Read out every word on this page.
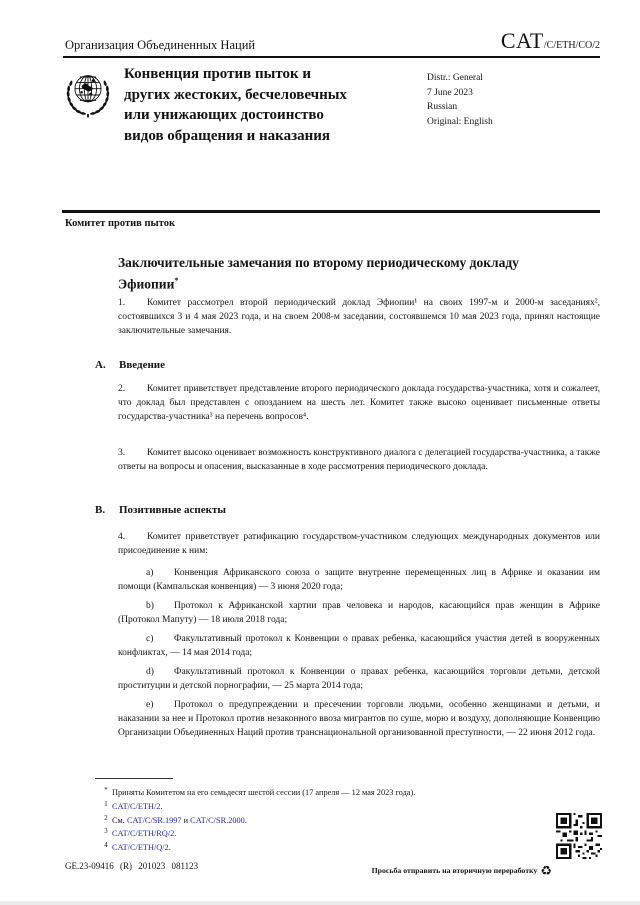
Организация Объединенных Наций	CAT/C/ETH/CO/2
Конвенция против пыток и
других жестоких, бесчеловечных
или унижающих достоинство
видов обращения и наказания
Distr.: General
7 June 2023
Russian
Original: English
Комитет против пыток
Заключительные замечания по второму периодическому докладу Эфиопии*
1. Комитет рассмотрел второй периодический доклад Эфиопии¹ на своих 1997-м и 2000-м заседаниях², состоявшихся 3 и 4 мая 2023 года, и на своем 2008-м заседании, состоявшемся 10 мая 2023 года, принял настоящие заключительные замечания.
A. Введение
2. Комитет приветствует представление второго периодического доклада государства-участника, хотя и сожалеет, что доклад был представлен с опозданием на шесть лет. Комитет также высоко оценивает письменные ответы государства-участника³ на перечень вопросов⁴.
3. Комитет высоко оценивает возможность конструктивного диалога с делегацией государства-участника, а также ответы на вопросы и опасения, высказанные в ходе рассмотрения периодического доклада.
B. Позитивные аспекты
4. Комитет приветствует ратификацию государством-участником следующих международных документов или присоединение к ним:
a) Конвенция Африканского союза о защите внутренне перемещенных лиц в Африке и оказании им помощи (Кампальская конвенция) — 3 июня 2020 года;
b) Протокол к Африканской хартии прав человека и народов, касающийся прав женщин в Африке (Протокол Мапуту) — 18 июля 2018 года;
c) Факультативный протокол к Конвенции о правах ребенка, касающийся участия детей в вооруженных конфликтах, — 14 мая 2014 года;
d) Факультативный протокол к Конвенции о правах ребенка, касающийся торговли детьми, детской проституции и детской порнографии, — 25 марта 2014 года;
e) Протокол о предупреждении и пресечении торговли людьми, особенно женщинами и детьми, и наказании за нее и Протокол против незаконного ввоза мигрантов по суше, морю и воздуху, дополняющие Конвенцию Организации Объединенных Наций против транснациональной организованной преступности, — 22 июня 2012 года.
* Приняты Комитетом на его семьдесят шестой сессии (17 апреля — 12 мая 2023 года).
1 CAT/C/ETH/2.
2 См. CAT/C/SR.1997 и CAT/C/SR.2000.
3 CAT/C/ETH/RQ/2.
4 CAT/C/ETH/Q/2.
GE.23-09416 (R) 201023 081123	Просьба отправить на вторичную переработку ♻
